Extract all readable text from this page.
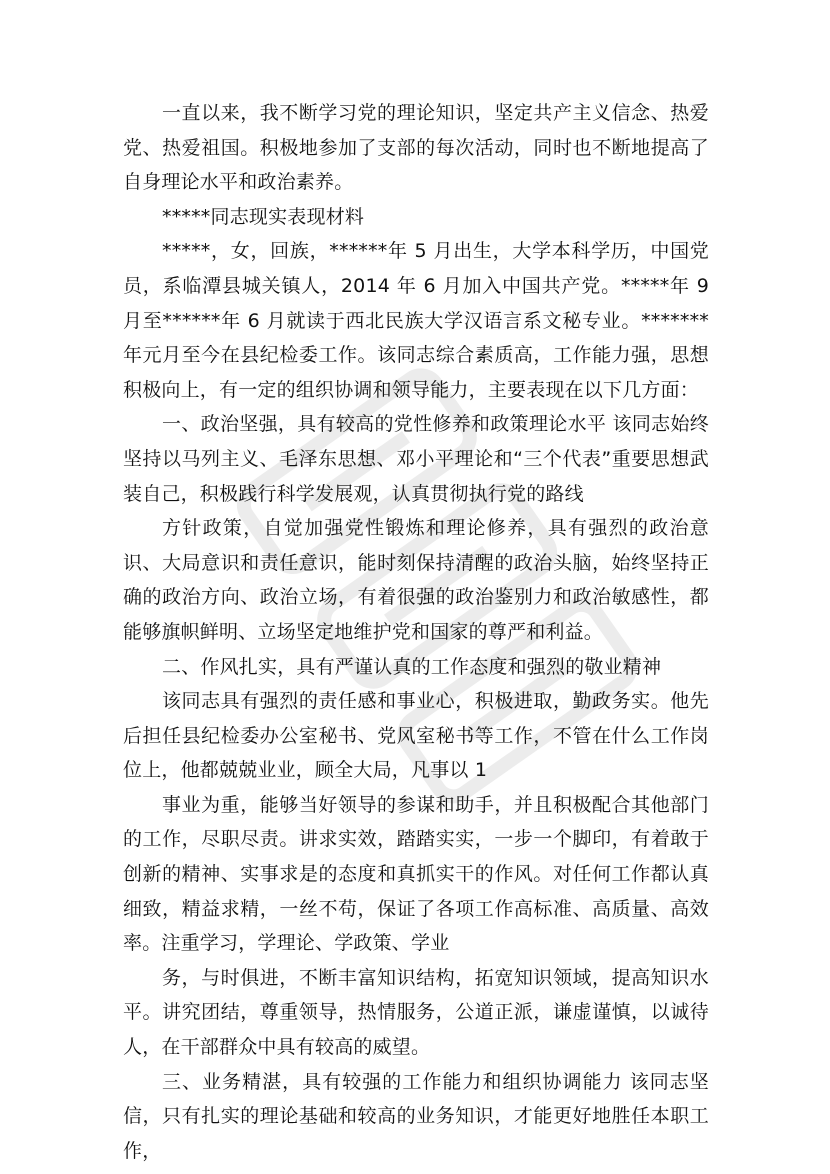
一直以来，我不断学习党的理论知识，坚定共产主义信念、热爱党、热爱祖国。积极地参加了支部的每次活动，同时也不断地提高了自身理论水平和政治素养。

*****同志现实表现材料

*****，女，回族，******年 5 月出生，大学本科学历，中国党员，系临潭县城关镇人，2014 年 6 月加入中国共产党。*****年 9 月至******年 6 月就读于西北民族大学汉语言系文秘专业。*******年元月至今在县纪检委工作。该同志综合素质高，工作能力强，思想积极向上，有一定的组织协调和领导能力，主要表现在以下几方面：

一、政治坚强，具有较高的党性修养和政策理论水平 该同志始终坚持以马列主义、毛泽东思想、邓小平理论和“三个代表”重要思想武装自己，积极践行科学发展观，认真贯彻执行党的路线

方针政策，自觉加强党性锻炼和理论修养，具有强烈的政治意识、大局意识和责任意识，能时刻保持清醒的政治头脑，始终坚持正确的政治方向、政治立场，有着很强的政治鉴别力和政治敏感性，都能够旗帜鲜明、立场坚定地维护党和国家的尊严和利益。

二、作风扎实，具有严谨认真的工作态度和强烈的敬业精神

该同志具有强烈的责任感和事业心，积极进取，勤政务实。他先后担任县纪检委办公室秘书、党风室秘书等工作，不管在什么工作岗位上，他都兢兢业业，顾全大局，凡事以 1

事业为重，能够当好领导的参谋和助手，并且积极配合其他部门的工作，尽职尽责。讲求实效，踏踏实实，一步一个脚印，有着敢于创新的精神、实事求是的态度和真抓实干的作风。对任何工作都认真细致，精益求精，一丝不苟，保证了各项工作高标准、高质量、高效率。注重学习，学理论、学政策、学业

务，与时俱进，不断丰富知识结构，拓宽知识领域，提高知识水平。讲究团结，尊重领导，热情服务，公道正派，谦虚谨慎，以诚待人，在干部群众中具有较高的威望。

三、业务精湛，具有较强的工作能力和组织协调能力 该同志坚信，只有扎实的理论基础和较高的业务知识，才能更好地胜任本职工作，
